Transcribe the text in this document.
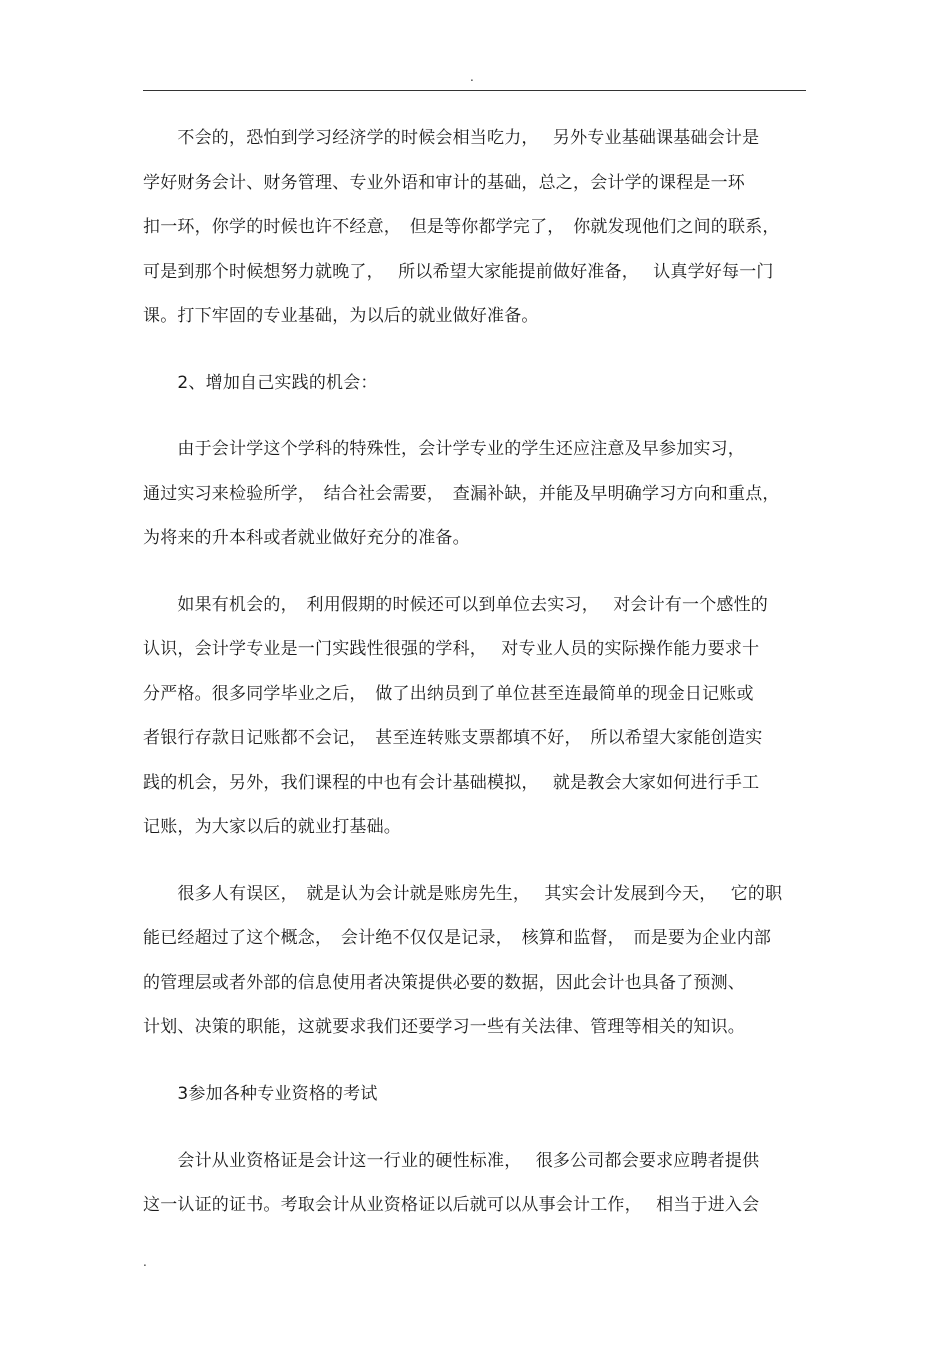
.
　　不会的，恐怕到学习经济学的时候会相当吃力，　 另外专业基础课基础会计是
学好财务会计、财务管理、专业外语和审计的基础，总之，会计学的课程是一环
扣一环，你学的时候也许不经意，　但是等你都学完了，　你就发现他们之间的联系，
可是到那个时候想努力就晚了，　 所以希望大家能提前做好准备，　 认真学好每一门
课。打下牢固的专业基础，为以后的就业做好准备。
　　2、增加自己实践的机会：
　　由于会计学这个学科的特殊性，会计学专业的学生还应注意及早参加实习，
通过实习来检验所学，　结合社会需要，　查漏补缺，并能及早明确学习方向和重点，
为将来的升本科或者就业做好充分的准备。
　　如果有机会的，　利用假期的时候还可以到单位去实习，　 对会计有一个感性的
认识，会计学专业是一门实践性很强的学科，　 对专业人员的实际操作能力要求十
分严格。很多同学毕业之后，　做了出纳员到了单位甚至连最简单的现金日记账或
者银行存款日记账都不会记，　甚至连转账支票都填不好，　所以希望大家能创造实
践的机会，另外，我们课程的中也有会计基础模拟，　 就是教会大家如何进行手工
记账，为大家以后的就业打基础。
　　很多人有误区，　就是认为会计就是账房先生，　 其实会计发展到今天，　 它的职
能已经超过了这个概念，　会计绝不仅仅是记录，　核算和监督，　而是要为企业内部
的管理层或者外部的信息使用者决策提供必要的数据，因此会计也具备了预测、
计划、决策的职能，这就要求我们还要学习一些有关法律、管理等相关的知识。
　　3参加各种专业资格的考试
　　会计从业资格证是会计这一行业的硬性标准，　 很多公司都会要求应聘者提供
这一认证的证书。考取会计从业资格证以后就可以从事会计工作，　 相当于进入会
.
